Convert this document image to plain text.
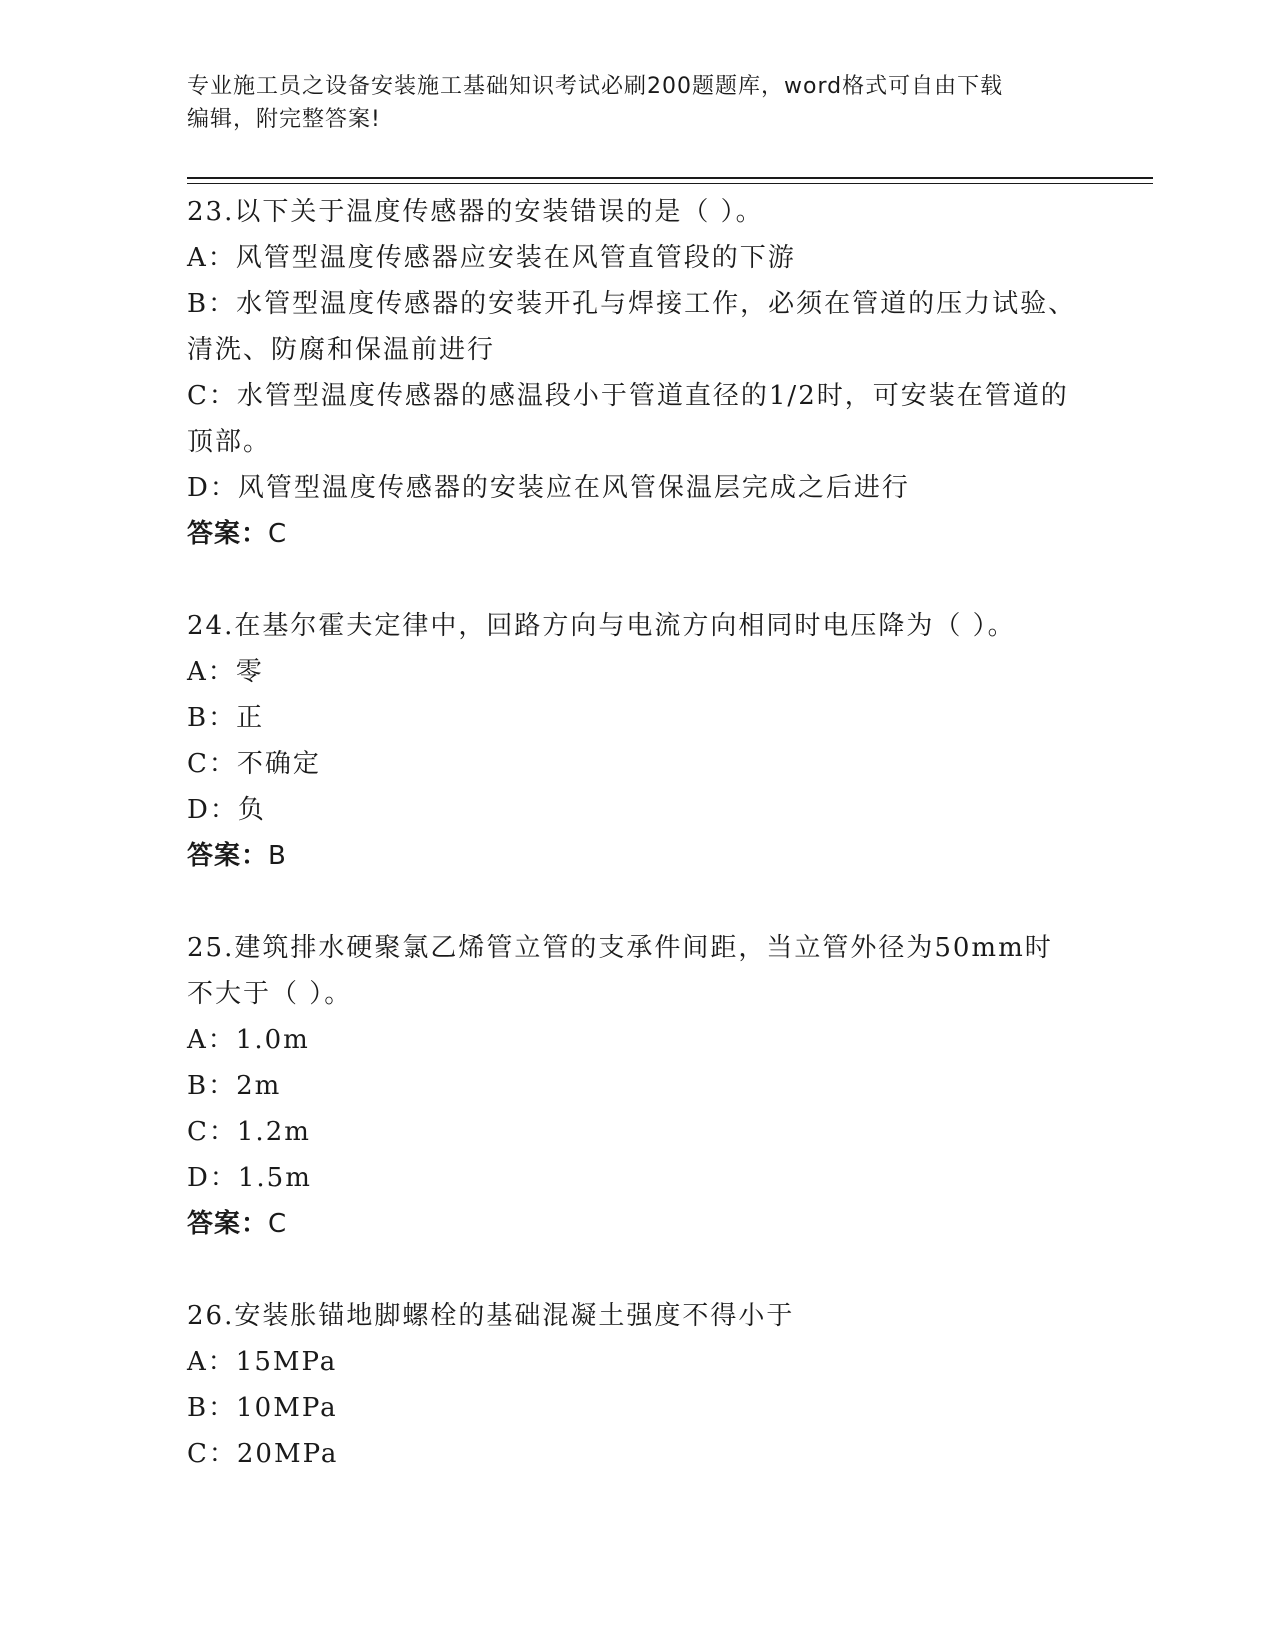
专业施工员之设备安装施工基础知识考试必刷200题题库，word格式可自由下载
编辑，附完整答案!
23.以下关于温度传感器的安装错误的是（ ）。
A：风管型温度传感器应安装在风管直管段的下游
B：水管型温度传感器的安装开孔与焊接工作，必须在管道的压力试验、清洗、防腐和保温前进行
C：水管型温度传感器的感温段小于管道直径的1/2时，可安装在管道的顶部。
D：风管型温度传感器的安装应在风管保温层完成之后进行
答案：C
24.在基尔霍夫定律中，回路方向与电流方向相同时电压降为（ ）。
A：零
B：正
C：不确定
D：负
答案：B
25.建筑排水硬聚氯乙烯管立管的支承件间距，当立管外径为50mm时不大于（ ）。
A：1.0m
B：2m
C：1.2m
D：1.5m
答案：C
26.安装胀锚地脚螺栓的基础混凝土强度不得小于
A：15MPa
B：10MPa
C：20MPa
